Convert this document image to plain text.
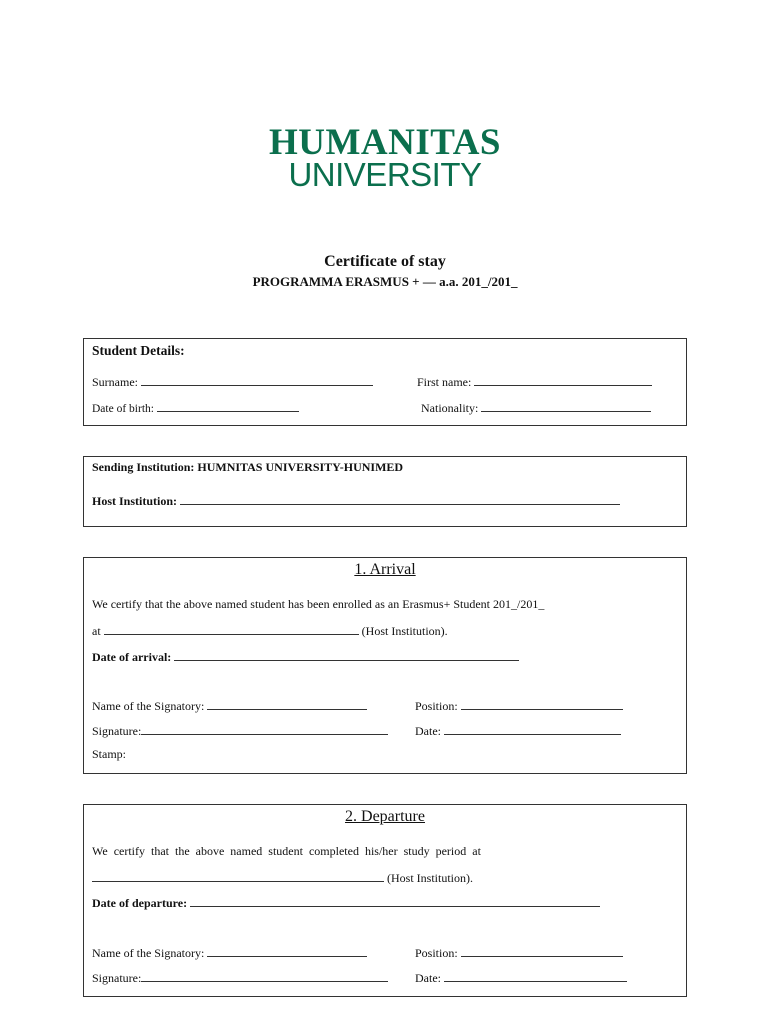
HUMANITAS
UNIVERSITY
Certificate of stay
PROGRAMMA ERASMUS + — a.a. 201_/201_
Student Details:
Surname:	First name:
Date of birth:	Nationality:
Sending Institution: HUMNITAS UNIVERSITY-HUNIMED
Host Institution:
1. Arrival
We certify that the above named student has been enrolled as an Erasmus+ Student 201_/201_
at	(Host Institution).
Date of arrival:
Name of the Signatory:	Position:
Signature:	Date:
Stamp:
2. Departure
We  certify  that  the  above  named  student  completed  his/her  study  period  at
(Host Institution).
Date of departure:
Name of the Signatory:	Position:
Signature:	Date:
